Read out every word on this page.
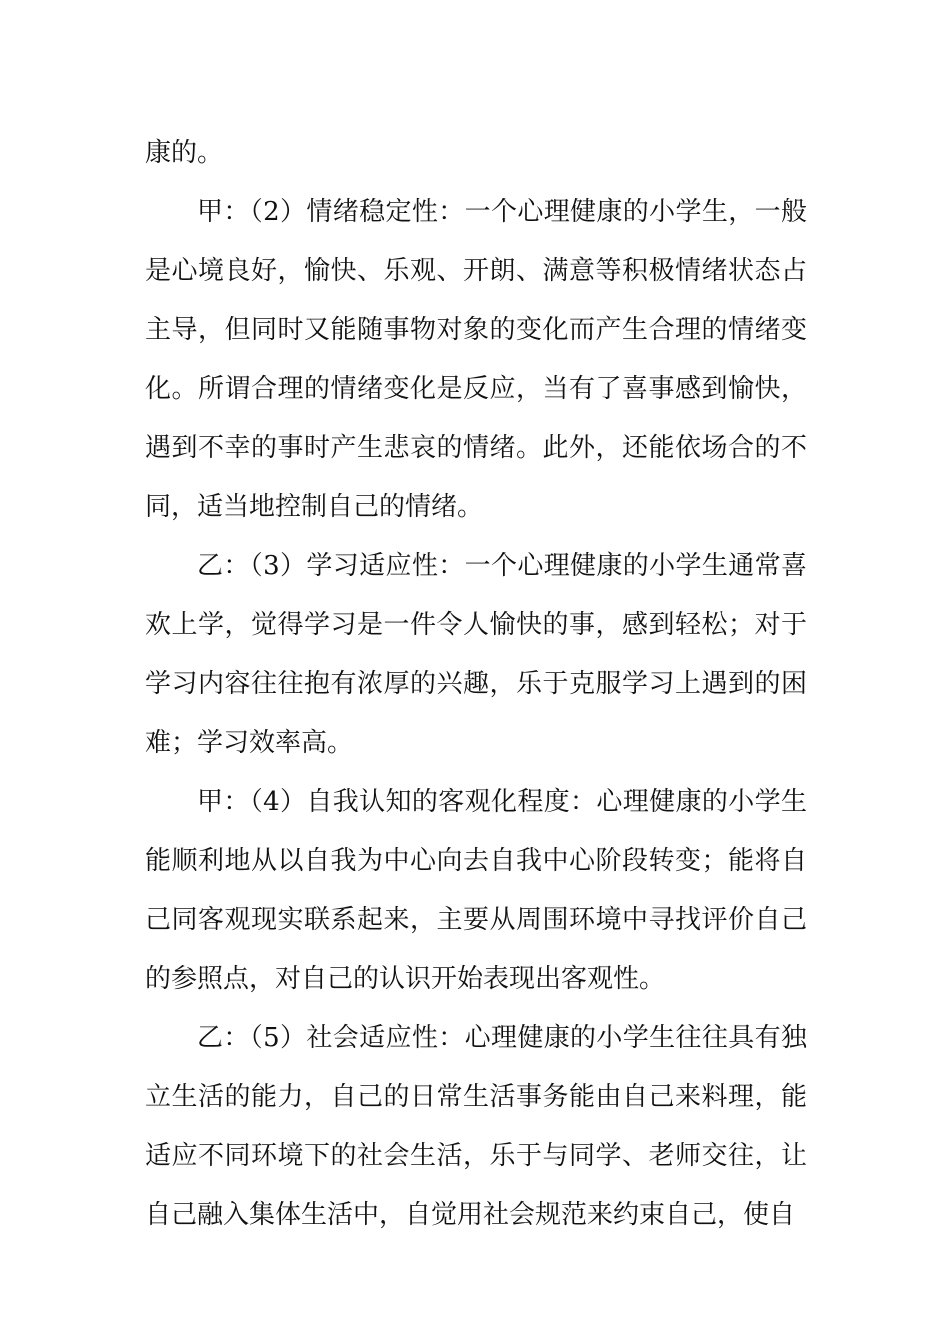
康的。

甲：（2）情绪稳定性：一个心理健康的小学生，一般是心境良好，愉快、乐观、开朗、满意等积极情绪状态占主导，但同时又能随事物对象的变化而产生合理的情绪变化。所谓合理的情绪变化是反应，当有了喜事感到愉快，遇到不幸的事时产生悲哀的情绪。此外，还能依场合的不同，适当地控制自己的情绪。

乙：（3）学习适应性：一个心理健康的小学生通常喜欢上学，觉得学习是一件令人愉快的事，感到轻松；对于学习内容往往抱有浓厚的兴趣，乐于克服学习上遇到的困难；学习效率高。

甲：（4）自我认知的客观化程度：心理健康的小学生能顺利地从以自我为中心向去自我中心阶段转变；能将自己同客观现实联系起来，主要从周围环境中寻找评价自己的参照点，对自己的认识开始表现出客观性。

乙：（5）社会适应性：心理健康的小学生往往具有独立生活的能力，自己的日常生活事务能由自己来料理，能适应不同环境下的社会生活，乐于与同学、老师交往，让自己融入集体生活中，自觉用社会规范来约束自己，使自
